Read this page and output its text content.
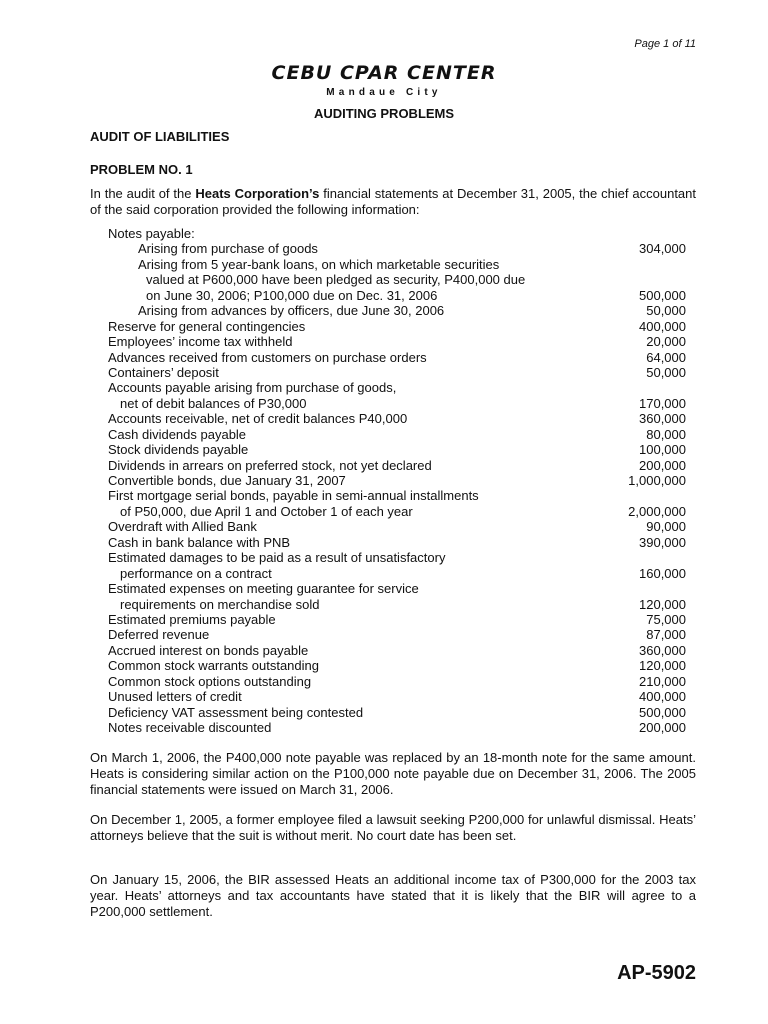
Page 1 of 11
CEBU CPAR CENTER
Mandaue City
AUDITING PROBLEMS
AUDIT OF LIABILITIES
PROBLEM NO. 1
In the audit of the Heats Corporation’s financial statements at December 31, 2005, the chief accountant of the said corporation provided the following information:
Notes payable:
Arising from purchase of goods	304,000
Arising from 5 year-bank loans, on which marketable securities
valued at P600,000 have been pledged as security, P400,000 due
on June 30, 2006; P100,000 due on Dec. 31, 2006	500,000
Arising from advances by officers, due June 30, 2006	50,000
Reserve for general contingencies	400,000
Employees’ income tax withheld	20,000
Advances received from customers on purchase orders	64,000
Containers’ deposit	50,000
Accounts payable arising from purchase of goods,
net of debit balances of P30,000	170,000
Accounts receivable, net of credit balances P40,000	360,000
Cash dividends payable	80,000
Stock dividends payable	100,000
Dividends in arrears on preferred stock, not yet declared	200,000
Convertible bonds, due January 31, 2007	1,000,000
First mortgage serial bonds, payable in semi-annual installments
of P50,000, due April 1 and October 1 of each year	2,000,000
Overdraft with Allied Bank	90,000
Cash in bank balance with PNB	390,000
Estimated damages to be paid as a result of unsatisfactory
performance on a contract	160,000
Estimated expenses on meeting guarantee for service
requirements on merchandise sold	120,000
Estimated premiums payable	75,000
Deferred revenue	87,000
Accrued interest on bonds payable	360,000
Common stock warrants outstanding	120,000
Common stock options outstanding	210,000
Unused letters of credit	400,000
Deficiency VAT assessment being contested	500,000
Notes receivable discounted	200,000
On March 1, 2006, the P400,000 note payable was replaced by an 18-month note for the same amount. Heats is considering similar action on the P100,000 note payable due on December 31, 2006. The 2005 financial statements were issued on March 31, 2006.
On December 1, 2005, a former employee filed a lawsuit seeking P200,000 for unlawful dismissal. Heats’ attorneys believe that the suit is without merit. No court date has been set.
On January 15, 2006, the BIR assessed Heats an additional income tax of P300,000 for the 2003 tax year. Heats’ attorneys and tax accountants have stated that it is likely that the BIR will agree to a P200,000 settlement.
AP-5902
